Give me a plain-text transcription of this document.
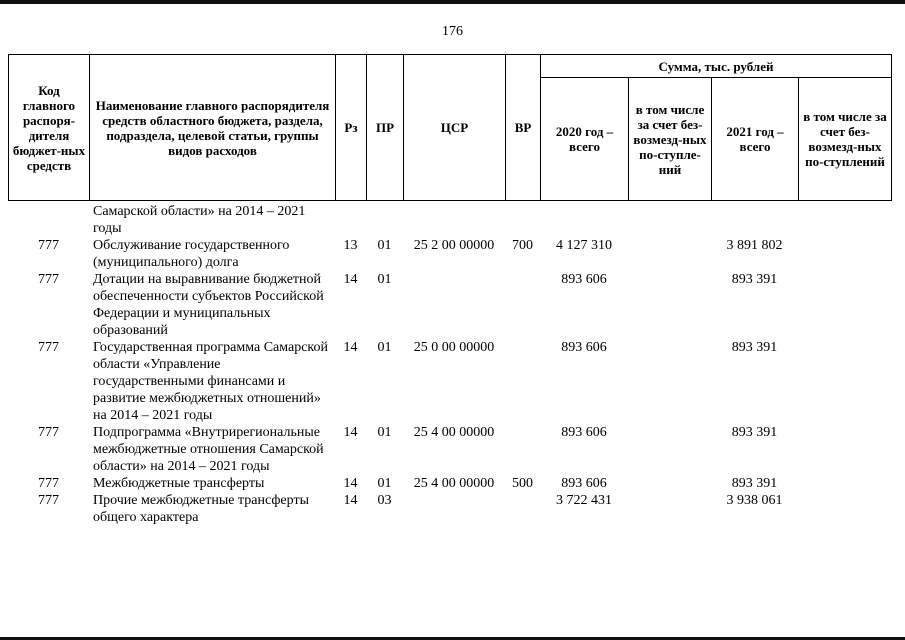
176
Код главного распоря-дителя бюджет-ных средств	Наименование главного распорядителя средств областного бюджета, раздела, подраздела, целевой статьи, группы видов расходов	Рз	ПР	ЦСР	ВР	Сумма, тыс. рублей			
						2020 год – всего	в том числе за счет без-возмезд-ных по-ступле-ний	2021 год – всего	в том числе за счет без-возмезд-ных по-ступлений
	Самарской области» на 2014 – 2021 годы								
777	Обслуживание государственного (муниципального) долга	13	01	25 2 00 00000	700	4 127 310		3 891 802	
777	Дотации на выравнивание бюджетной обеспеченности субъектов Российской Федерации и муниципальных образований	14	01			893 606		893 391	
777	Государственная программа Самарской области «Управление государственными финансами и развитие межбюджетных отношений» на 2014 – 2021 годы	14	01	25 0 00 00000		893 606		893 391	
777	Подпрограмма «Внутрирегиональные межбюджетные отношения Самарской области» на 2014 – 2021 годы	14	01	25 4 00 00000		893 606		893 391	
777	Межбюджетные трансферты	14	01	25 4 00 00000	500	893 606		893 391	
777	Прочие межбюджетные трансферты общего характера	14	03			3 722 431		3 938 061	
